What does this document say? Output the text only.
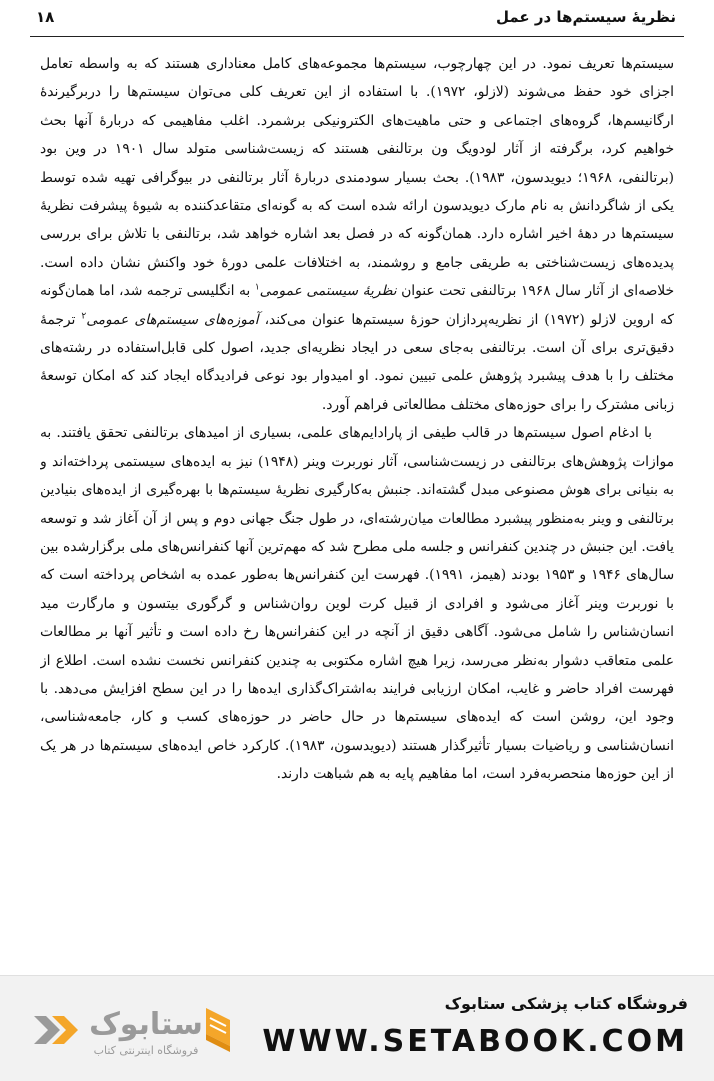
۱۸	نظریهٔ سیستم‌ها در عمل

سیستم‌ها تعریف نمود. در این چهارچوب، سیستم‌ها مجموعه‌های کامل معناداری هستند که به واسطه تعامل اجزای خود حفظ می‌شوند (لازلو، ۱۹۷۲). با استفاده از این تعریف کلی می‌توان سیستم‌ها را دربرگیرندهٔ ارگانیسم‌ها، گروه‌های اجتماعی و حتی ماهیت‌های الکترونیکی برشمرد. اغلب مفاهیمی که دربارهٔ آنها بحث خواهیم کرد، برگرفته از آثار لودویگ ون برتالنفی هستند که زیست‌شناسی متولد سال ۱۹۰۱ در وین بود (برتالنفی، ۱۹۶۸؛ دیویدسون، ۱۹۸۳). بحث بسیار سودمندی دربارهٔ آثار برتالنفی در بیوگرافی تهیه شده توسط یکی از شاگردانش به نام مارک دیویدسون ارائه شده است که به گونه‌ای متقاعدکننده به شیوهٔ پیشرفت نظریهٔ سیستم‌ها در دههٔ اخیر اشاره دارد. همان‌گونه که در فصل بعد اشاره خواهد شد، برتالنفی با تلاش برای بررسی پدیده‌های زیست‌شناختی به طریقی جامع و روشمند، به اختلافات علمی دورهٔ خود واکنش نشان داده است. خلاصه‌ای از آثار سال ۱۹۶۸ برتالنفی تحت عنوان نظریهٔ سیستمی عمومی$^۱$ به انگلیسی ترجمه شد، اما همان‌گونه که اروین لازلو (۱۹۷۲) از نظریه‌پردازان حوزهٔ سیستم‌ها عنوان می‌کند، آموزه‌های سیستم‌های عمومی$^۲$ ترجمهٔ دقیق‌تری برای آن است. برتالنفی به‌جای سعی در ایجاد نظریه‌ای جدید، اصول کلی قابل‌استفاده در رشته‌های مختلف را با هدف پیشبرد پژوهش علمی تبیین نمود. او امیدوار بود نوعی فرادیدگاه ایجاد کند که امکان توسعهٔ زبانی مشترک را برای حوزه‌های مختلف مطالعاتی فراهم آورد.

با ادغام اصول سیستم‌ها در قالب طیفی از پارادایم‌های علمی، بسیاری از امیدهای برتالنفی تحقق یافتند. به موازات پژوهش‌های برتالنفی در زیست‌شناسی، آثار نوربرت وینر (۱۹۴۸) نیز به ایده‌های سیستمی پرداخته‌اند و به بنیانی برای هوش مصنوعی مبدل گشته‌اند. جنبش به‌کارگیری نظریهٔ سیستم‌ها با بهره‌گیری از ایده‌های بنیادین برتالنفی و وینر به‌منظور پیشبرد مطالعات میان‌رشته‌ای، در طول جنگ جهانی دوم و پس از آن آغاز شد و توسعه یافت. این جنبش در چندین کنفرانس و جلسه ملی مطرح شد که مهم‌ترین آنها کنفرانس‌های ملی برگزارشده بین سال‌های ۱۹۴۶ و ۱۹۵۳ بودند (هیمز، ۱۹۹۱). فهرست این کنفرانس‌ها به‌طور عمده به اشخاص پرداخته است که با نوربرت وینر آغاز می‌شود و افرادی از قبیل کرت لوین روان‌شناس و گرگوری بیتسون و مارگارت مید انسان‌شناس را شامل می‌شود. آگاهی دقیق از آنچه در این کنفرانس‌ها رخ داده است و تأثیر آنها بر مطالعات علمی متعاقب دشوار به‌نظر می‌رسد، زیرا هیچ اشاره مکتوبی به چندین کنفرانس نخست نشده است. اطلاع از فهرست افراد حاضر و غایب، امکان ارزیابی فرایند به‌اشتراک‌گذاری ایده‌ها را در این سطح افزایش می‌دهد. با وجود این، روشن است که ایده‌های سیستم‌ها در حال حاضر در حوزه‌های کسب و کار، جامعه‌شناسی، انسان‌شناسی و ریاضیات بسیار تأثیرگذار هستند (دیویدسون، ۱۹۸۳). کارکرد خاص ایده‌های سیستم‌ها در هر یک از این حوزه‌ها منحصربه‌فرد است، اما مفاهیم پایه به هم شباهت دارند.

ستابوک
فروشگاه اینترنتی کتاب
فروشگاه کتاب پزشکی ستابوک
WWW.SETABOOK.COM
